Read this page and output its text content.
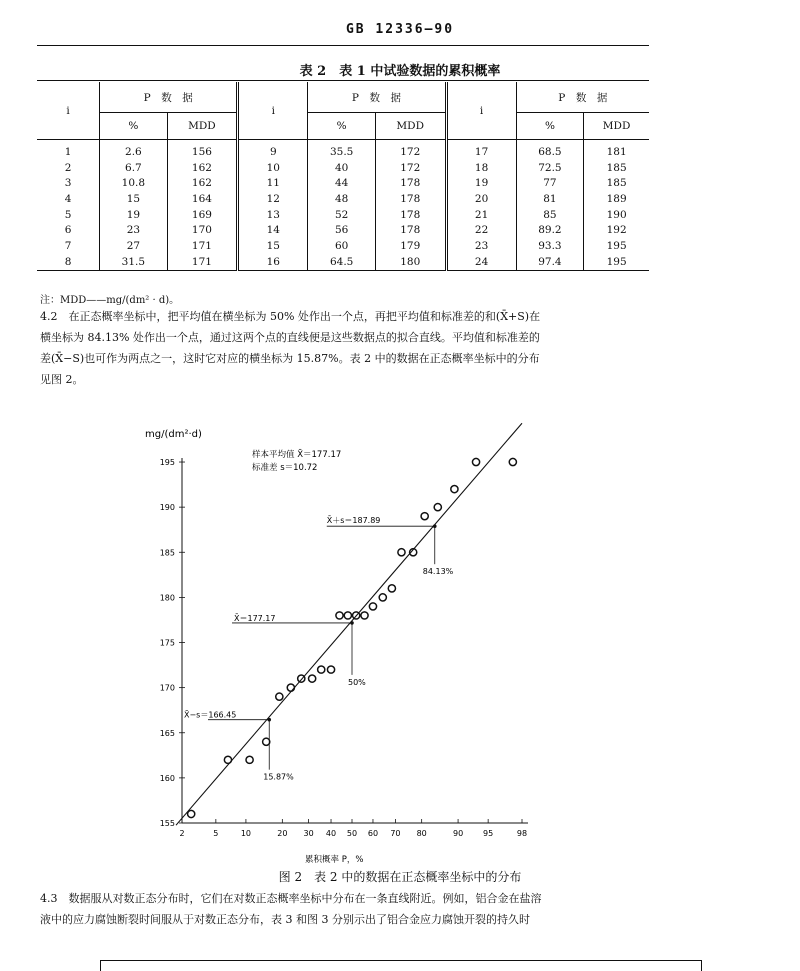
GB 12336—90
表 2　表 1 中试验数据的累积概率
i	P　数　据		i	P　数　据		i	P　数　据	
	%	MDD		%	MDD		%	MDD
1	2.6	156	9	35.5	172	17	68.5	181
2	6.7	162	10	40	172	18	72.5	185
3	10.8	162	11	44	178	19	77	185
4	15	164	12	48	178	20	81	189
5	19	169	13	52	178	21	85	190
6	23	170	14	56	178	22	89.2	192
7	27	171	15	60	179	23	93.3	195
8	31.5	171	16	64.5	180	24	97.4	195
注：MDD——mg/(dm² · d)。
4.2　在正态概率坐标中，把平均值在横坐标为 50% 处作出一个点，再把平均值和标准差的和(X̄+S)在
横坐标为 84.13% 处作出一个点，通过这两个点的直线便是这些数据点的拟合直线。平均值和标准差的
差(X̄−S)也可作为两点之一，这时它对应的横坐标为 15.87%。表 2 中的数据在正态概率坐标中的分布
见图 2。
mg/(dm²·d)
155
160
165
170
175
180
185
190
195
2	5	10	20 30 40 50 60 70 80	90 95	98
X̄−s＝166.45
15.87%
X̄＝177.17
50%
X̄＋s＝187.89
84.13%
样本平均值 X̄＝177.17
标准差 s＝10.72
累积概率 P，%
图 2　表 2 中的数据在正态概率坐标中的分布
4.3　数据服从对数正态分布时，它们在对数正态概率坐标中分布在一条直线附近。例如，铝合金在盐溶
液中的应力腐蚀断裂时间服从于对数正态分布，表 3 和图 3 分别示出了铝合金应力腐蚀开裂的持久时
